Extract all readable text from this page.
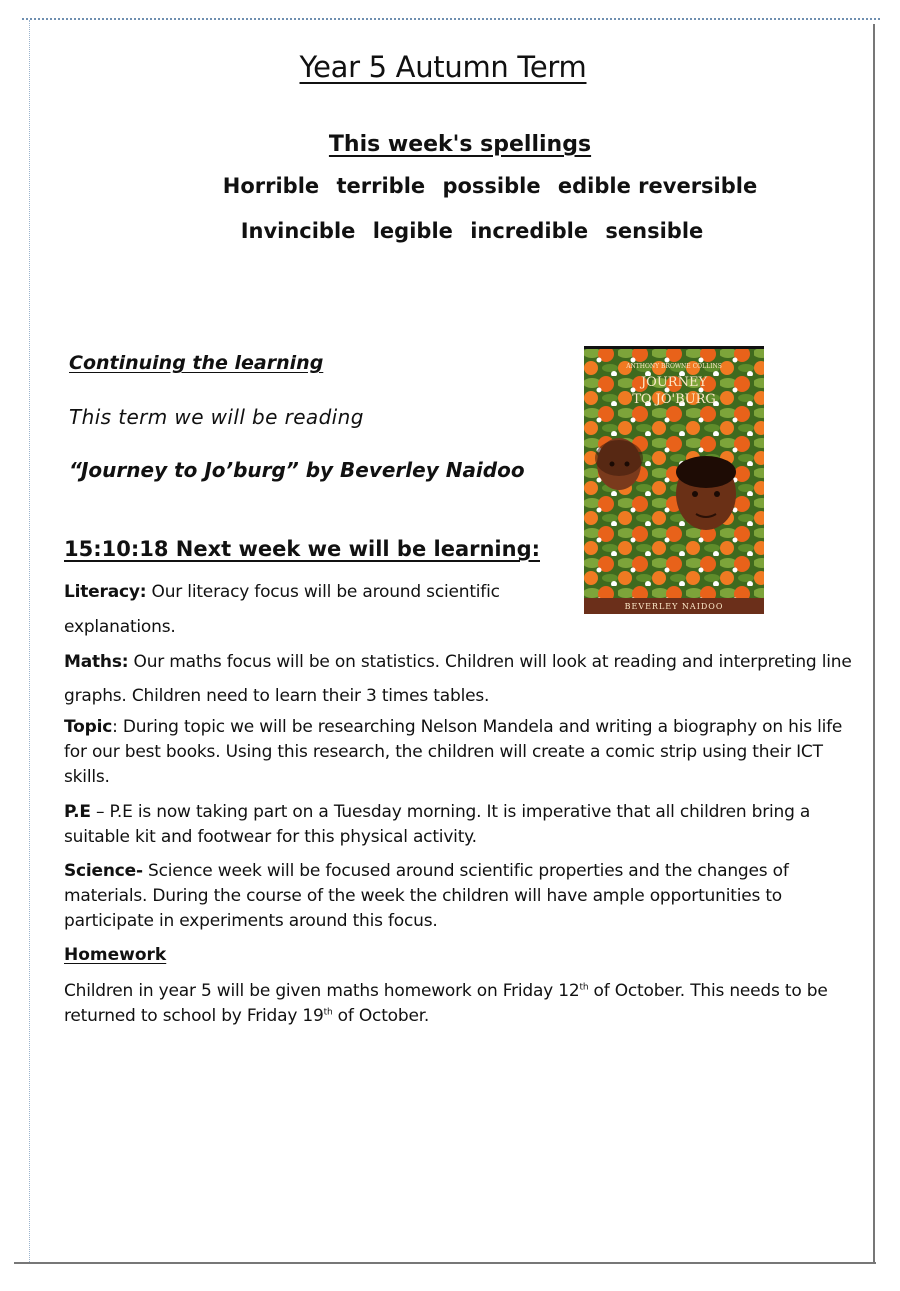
Year 5 Autumn Term
This week's spellings
Horrible terrible possible edible reversible
Invincible legible incredible sensible
Continuing the learning
This term we will be reading
“Journey to Jo’burg” by Beverley Naidoo
ANTHONY BROWNE COLLINS
JOURNEY
TO JO'BURG
BEVERLEY NAIDOO
15:10:18 Next week we will be learning:
Literacy: Our literacy focus will be around scientific explanations.
Maths: Our maths focus will be on statistics. Children will look at reading and interpreting line graphs. Children need to learn their 3 times tables.
Topic: During topic we will be researching Nelson Mandela and writing a biography on his life for our best books. Using this research, the children will create a comic strip using their ICT skills.
P.E – P.E is now taking part on a Tuesday morning. It is imperative that all children bring a suitable kit and footwear for this physical activity.
Science- Science week will be focused around scientific properties and the changes of materials. During the course of the week the children will have ample opportunities to participate in experiments around this focus.
Homework
Children in year 5 will be given maths homework on Friday 12th of October. This needs to be returned to school by Friday 19th of October.
